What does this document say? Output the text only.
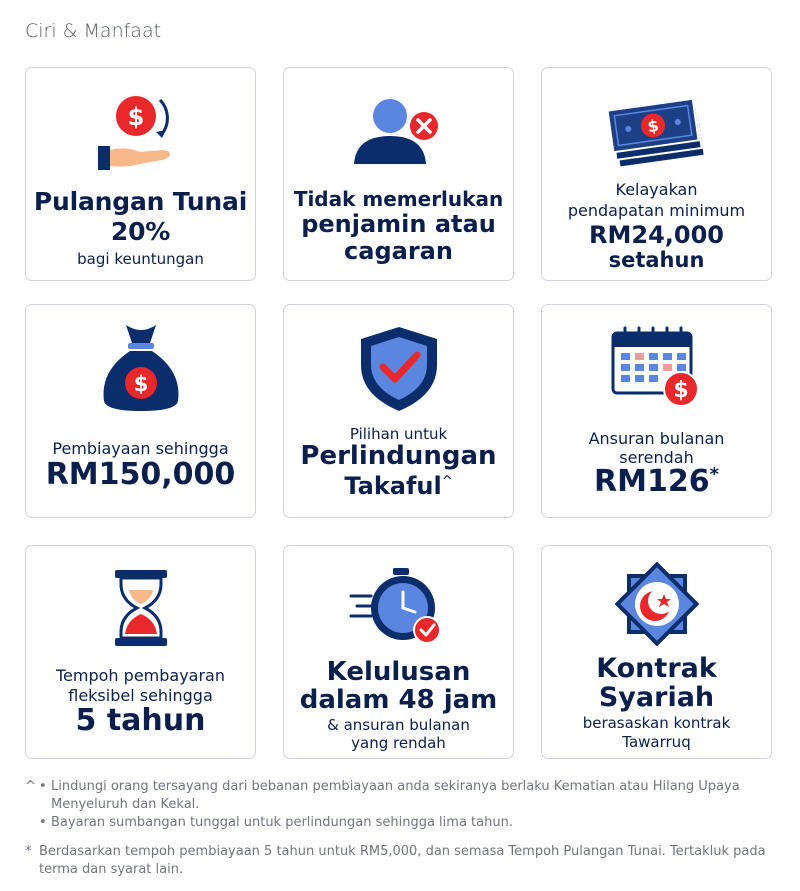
Ciri & Manfaat
$
Pulangan Tunai
20%
bagi keuntungan
Tidak memerlukan
penjamin atau
cagaran
$
Kelayakan
pendapatan minimum
RM24,000
setahun
$
Pembiayaan sehingga
RM150,000
Pilihan untuk
Perlindungan
Takaful^
$
Ansuran bulanan
serendah
RM126*
Tempoh pembayaran
fleksibel sehingga
5 tahun
Kelulusan
dalam 48 jam
& ansuran bulanan
yang rendah
Kontrak
Syariah
berasaskan kontrak
Tawarruq
^ • Lindungi orang tersayang dari bebanan pembiayaan anda sekiranya berlaku Kematian atau Hilang Upaya Menyeluruh dan Kekal.
• Bayaran sumbangan tunggal untuk perlindungan sehingga lima tahun.
* Berdasarkan tempoh pembiayaan 5 tahun untuk RM5,000, dan semasa Tempoh Pulangan Tunai. Tertakluk pada terma dan syarat lain.
